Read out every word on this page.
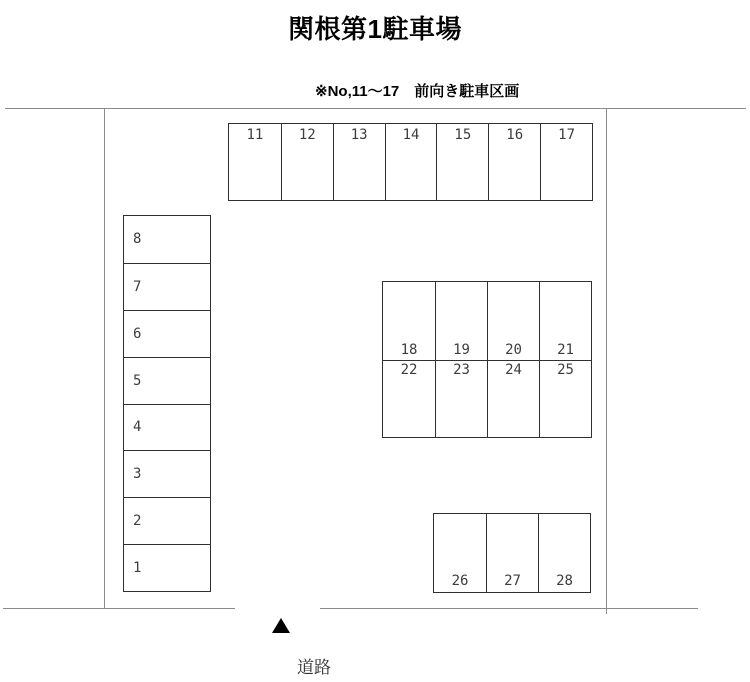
関根第1駐車場
※No,11〜17　前向き駐車区画
11	12	13	14	15	16	17
8
7
6
5
4
3
2
1
18	19	20	21
22	23	24	25
26	27	28
道路
